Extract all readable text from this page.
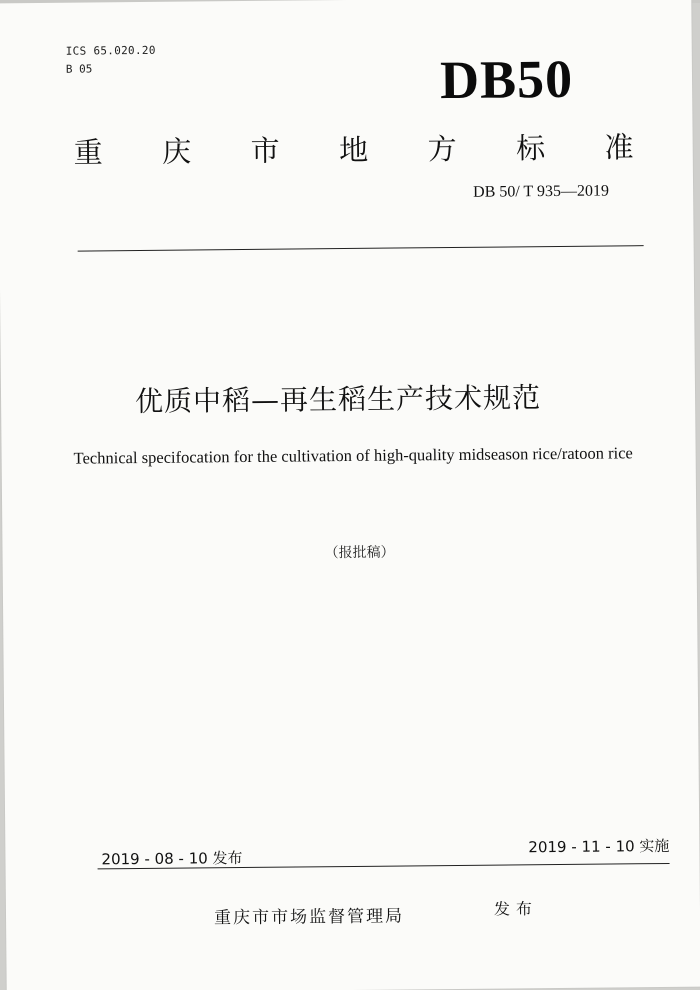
ICS 65.020.20
B 05	DB50
重 庆 市 地 方 标 准
DB 50/ T 935—2019
优质中稻—再生稻生产技术规范
Technical specifocation for the cultivation of high-quality midseason rice/ratoon rice
（报批稿）
2019 - 08 - 10 发布
2019 - 11 - 10 实施
重庆市市场监督管理局	发布
